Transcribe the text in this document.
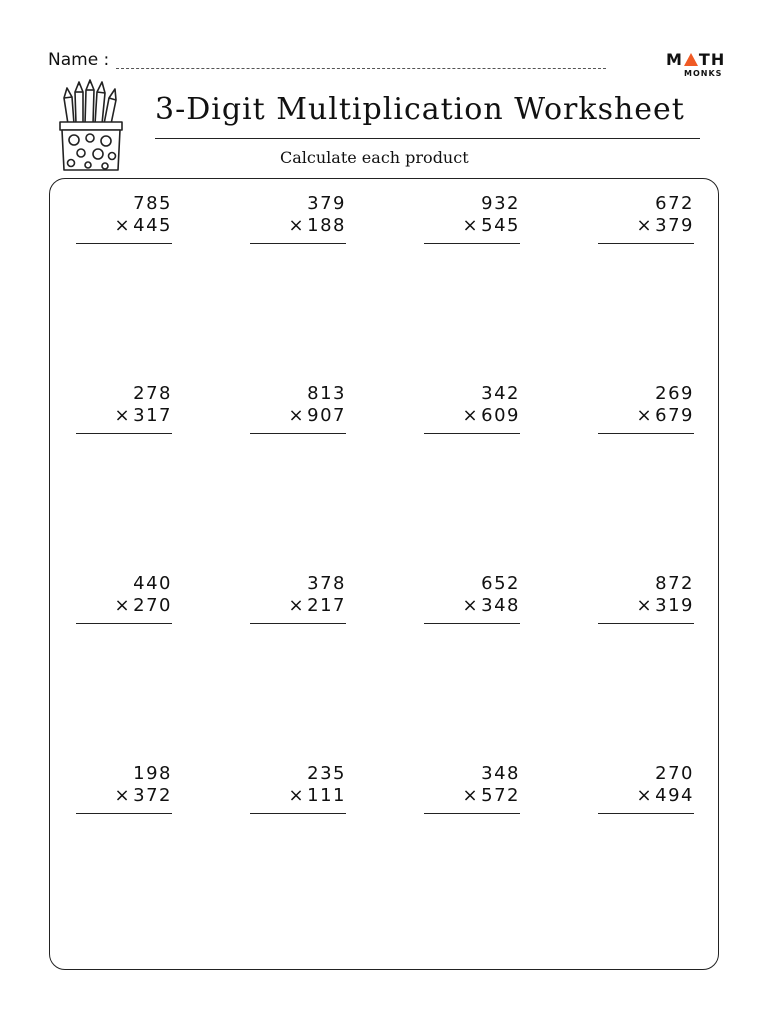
Name :	M TH
MONKS
3-Digit Multiplication Worksheet
Calculate each product
785
× 445
379
× 188
932
× 545
672
× 379
278
× 317
813
× 907
342
× 609
269
× 679
440
× 270
378
× 217
652
× 348
872
× 319
198
× 372
235
× 111
348
× 572
270
× 494
